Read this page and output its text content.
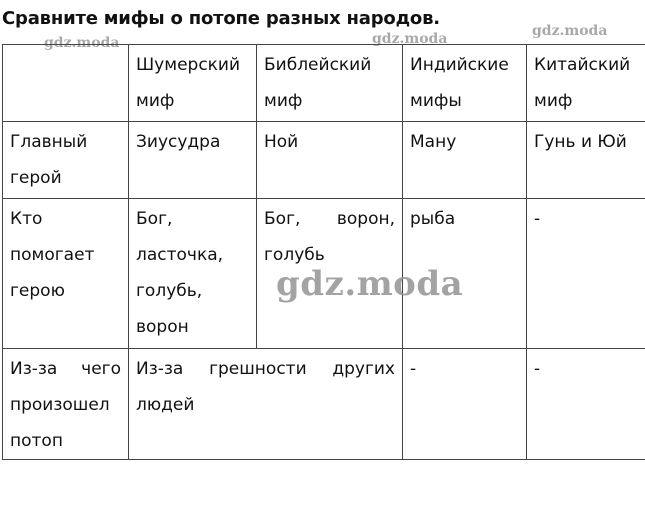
Сравните мифы о потопе разных народов.
gdz.moda	gdz.moda	gdz.moda
	Шумерский миф	Библейский миф	Индийские мифы	Китайский миф
Главный герой	Зиусудра	Ной	Ману	Гунь и Юй
Кто помогает герою	Бог, ласточка, голубь, ворон	Бог, ворон, голубь	рыба	-
Из-за чего произошел потоп	Из-за грешности других людей		-	-
gdz.moda
